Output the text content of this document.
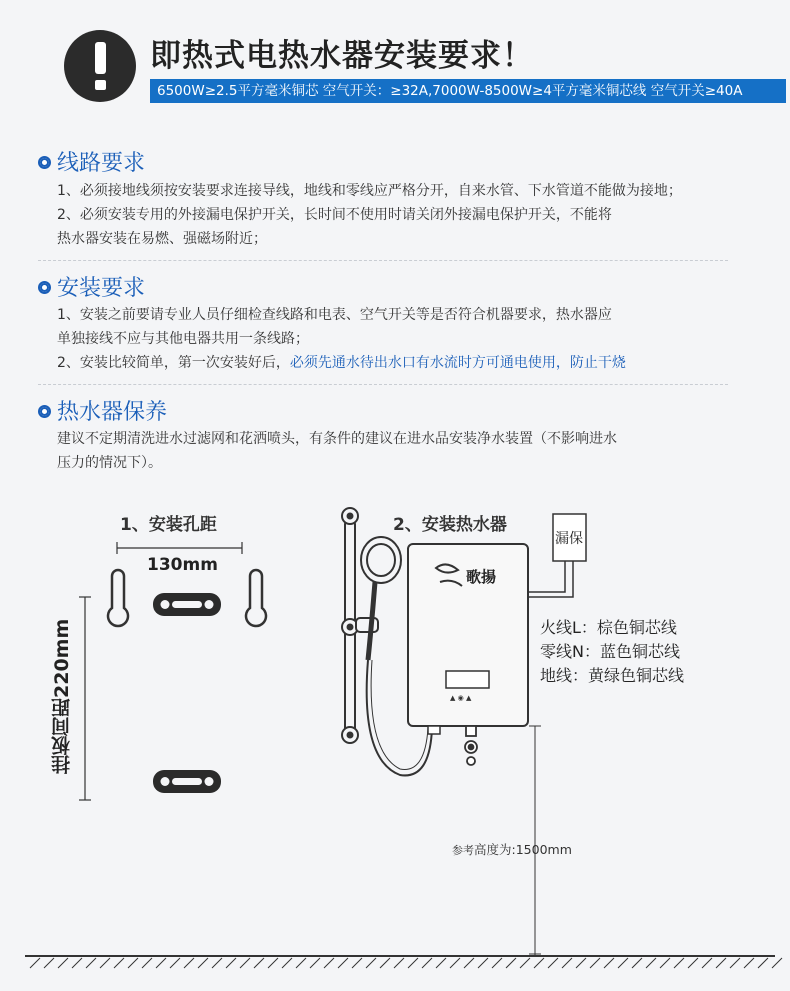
即热式电热水器安装要求！
6500W≥2.5平方毫米铜芯 空气开关：≥32A,7000W-8500W≥4平方毫米铜芯线 空气开关≥40A
线路要求
1、必须接地线须按安装要求连接导线，地线和零线应严格分开，自来水管、下水管道不能做为接地；
2、必须安装专用的外接漏电保护开关，长时间不使用时请关闭外接漏电保护开关，不能将
热水器安装在易燃、强磁场附近；
安装要求
1、安装之前要请专业人员仔细检查线路和电表、空气开关等是否符合机器要求，热水器应
单独接线不应与其他电器共用一条线路；
2、安装比较简单，第一次安装好后，必须先通水待出水口有水流时方可通电使用，防止干烧
热水器保养
建议不定期清洗进水过滤网和花洒喷头，有条件的建议在进水品安装净水装置（不影响进水
压力的情况下）。
▲ ◉ ▲
1、安装孔距
130mm
挂板间距220mm
2、安装热水器
漏保
歌揚
火线L：棕色铜芯线
零线N：蓝色铜芯线
地线：黄绿色铜芯线
参考高度为:1500mm
